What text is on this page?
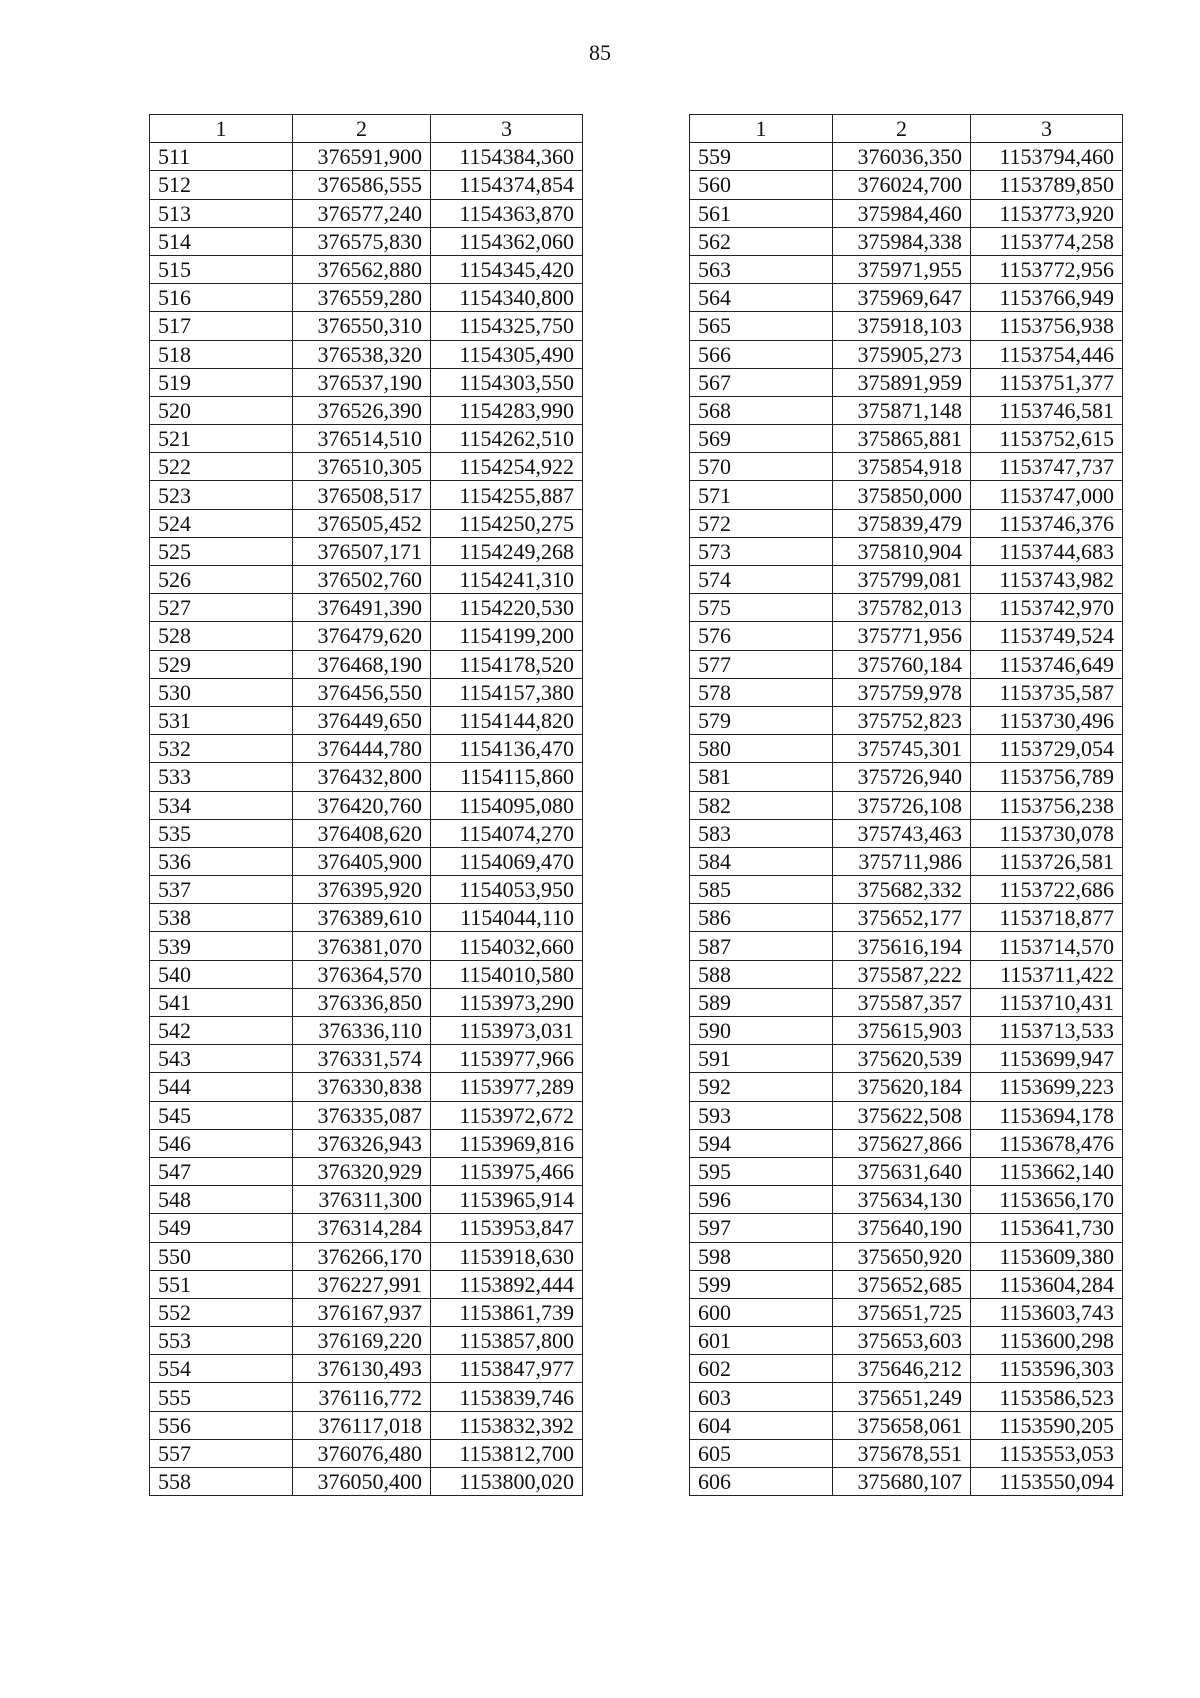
85
1	2	3
511	376591,900	1154384,360
512	376586,555	1154374,854
513	376577,240	1154363,870
514	376575,830	1154362,060
515	376562,880	1154345,420
516	376559,280	1154340,800
517	376550,310	1154325,750
518	376538,320	1154305,490
519	376537,190	1154303,550
520	376526,390	1154283,990
521	376514,510	1154262,510
522	376510,305	1154254,922
523	376508,517	1154255,887
524	376505,452	1154250,275
525	376507,171	1154249,268
526	376502,760	1154241,310
527	376491,390	1154220,530
528	376479,620	1154199,200
529	376468,190	1154178,520
530	376456,550	1154157,380
531	376449,650	1154144,820
532	376444,780	1154136,470
533	376432,800	1154115,860
534	376420,760	1154095,080
535	376408,620	1154074,270
536	376405,900	1154069,470
537	376395,920	1154053,950
538	376389,610	1154044,110
539	376381,070	1154032,660
540	376364,570	1154010,580
541	376336,850	1153973,290
542	376336,110	1153973,031
543	376331,574	1153977,966
544	376330,838	1153977,289
545	376335,087	1153972,672
546	376326,943	1153969,816
547	376320,929	1153975,466
548	376311,300	1153965,914
549	376314,284	1153953,847
550	376266,170	1153918,630
551	376227,991	1153892,444
552	376167,937	1153861,739
553	376169,220	1153857,800
554	376130,493	1153847,977
555	376116,772	1153839,746
556	376117,018	1153832,392
557	376076,480	1153812,700
558	376050,400	1153800,020
1	2	3
559	376036,350	1153794,460
560	376024,700	1153789,850
561	375984,460	1153773,920
562	375984,338	1153774,258
563	375971,955	1153772,956
564	375969,647	1153766,949
565	375918,103	1153756,938
566	375905,273	1153754,446
567	375891,959	1153751,377
568	375871,148	1153746,581
569	375865,881	1153752,615
570	375854,918	1153747,737
571	375850,000	1153747,000
572	375839,479	1153746,376
573	375810,904	1153744,683
574	375799,081	1153743,982
575	375782,013	1153742,970
576	375771,956	1153749,524
577	375760,184	1153746,649
578	375759,978	1153735,587
579	375752,823	1153730,496
580	375745,301	1153729,054
581	375726,940	1153756,789
582	375726,108	1153756,238
583	375743,463	1153730,078
584	375711,986	1153726,581
585	375682,332	1153722,686
586	375652,177	1153718,877
587	375616,194	1153714,570
588	375587,222	1153711,422
589	375587,357	1153710,431
590	375615,903	1153713,533
591	375620,539	1153699,947
592	375620,184	1153699,223
593	375622,508	1153694,178
594	375627,866	1153678,476
595	375631,640	1153662,140
596	375634,130	1153656,170
597	375640,190	1153641,730
598	375650,920	1153609,380
599	375652,685	1153604,284
600	375651,725	1153603,743
601	375653,603	1153600,298
602	375646,212	1153596,303
603	375651,249	1153586,523
604	375658,061	1153590,205
605	375678,551	1153553,053
606	375680,107	1153550,094
